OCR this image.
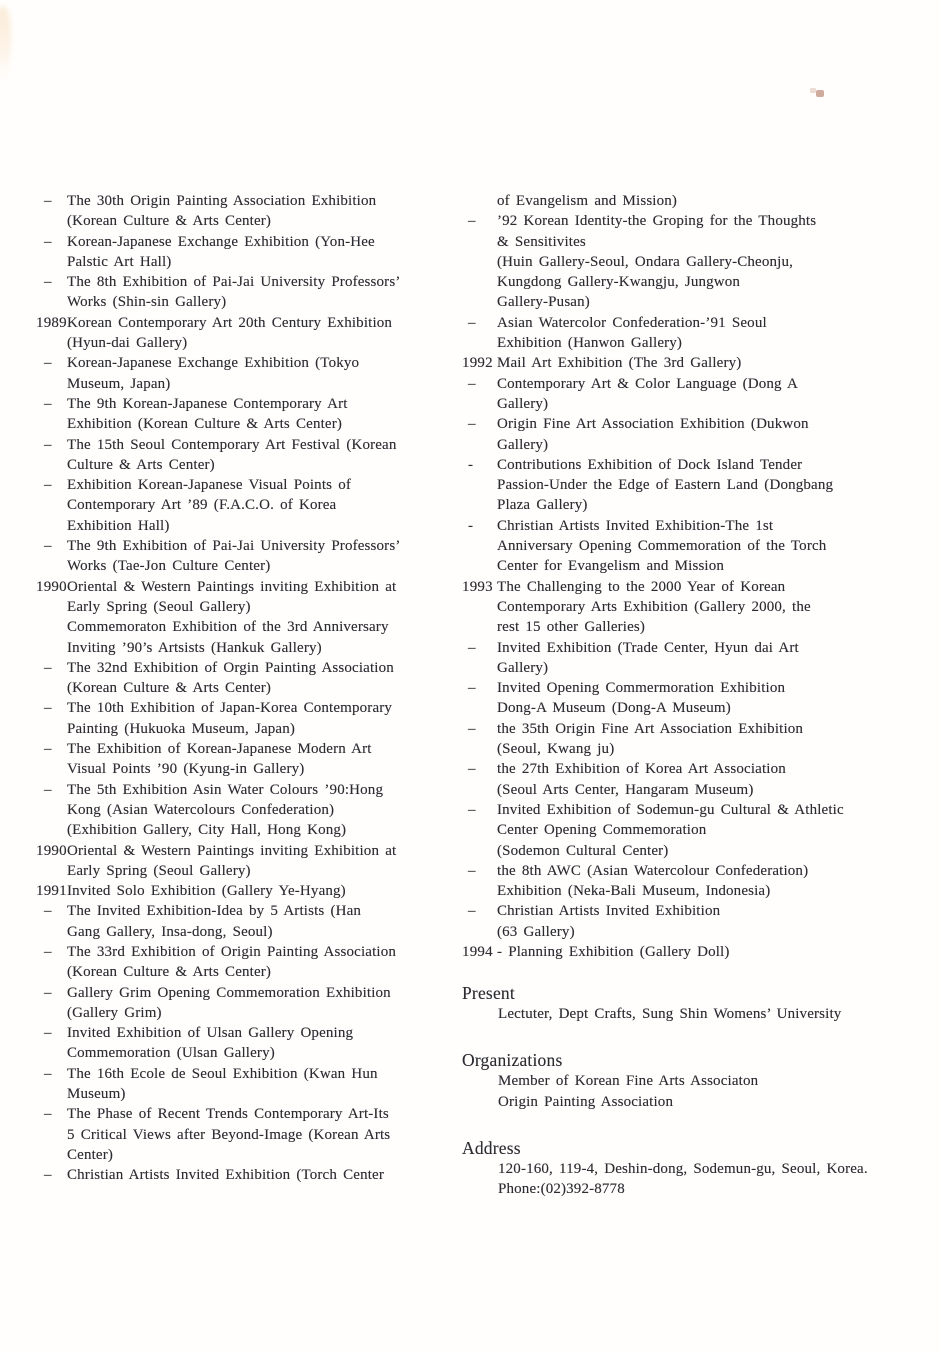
–	The 30th Origin Painting Association Exhibition
(Korean Culture & Arts Center)
–	Korean-Japanese Exchange Exhibition (Yon-Hee
Palstic Art Hall)
–	The 8th Exhibition of Pai-Jai University Professors’
Works (Shin-sin Gallery)
1989 Korean Contemporary Art 20th Century Exhibition
(Hyun-dai Gallery)
–	Korean-Japanese Exchange Exhibition (Tokyo
Museum, Japan)
–	The 9th Korean-Japanese Contemporary Art
Exhibition (Korean Culture & Arts Center)
–	The 15th Seoul Contemporary Art Festival (Korean
Culture & Arts Center)
–	Exhibition Korean-Japanese Visual Points of
Contemporary Art ’89 (F.A.C.O. of Korea
Exhibition Hall)
–	The 9th Exhibition of Pai-Jai University Professors’
Works (Tae-Jon Culture Center)
1990 Oriental & Western Paintings inviting Exhibition at
Early Spring (Seoul Gallery)
Commemoraton Exhibition of the 3rd Anniversary
Inviting ’90’s Artsists (Hankuk Gallery)
–	The 32nd Exhibition of Orgin Painting Association
(Korean Culture & Arts Center)
–	The 10th Exhibition of Japan-Korea Contemporary
Painting (Hukuoka Museum, Japan)
–	The Exhibition of Korean-Japanese Modern Art
Visual Points ’90 (Kyung-in Gallery)
–	The 5th Exhibition Asin Water Colours ’90:Hong
Kong (Asian Watercolours Confederation)
(Exhibition Gallery, City Hall, Hong Kong)
1990 Oriental & Western Paintings inviting Exhibition at
Early Spring (Seoul Gallery)
1991 Invited Solo Exhibition (Gallery Ye-Hyang)
–	The Invited Exhibition-Idea by 5 Artists (Han
Gang Gallery, Insa-dong, Seoul)
–	The 33rd Exhibition of Origin Painting Association
(Korean Culture & Arts Center)
–	Gallery Grim Opening Commemoration Exhibition
(Gallery Grim)
–	Invited Exhibition of Ulsan Gallery Opening
Commemoration (Ulsan Gallery)
–	The 16th Ecole de Seoul Exhibition (Kwan Hun
Museum)
–	The Phase of Recent Trends Contemporary Art-Its
5 Critical Views after Beyond-Image (Korean Arts
Center)
–	Christian Artists Invited Exhibition (Torch Center
of Evangelism and Mission)
–	’92 Korean Identity-the Groping for the Thoughts
& Sensitivites
(Huin Gallery-Seoul, Ondara Gallery-Cheonju,
Kungdong Gallery-Kwangju, Jungwon
Gallery-Pusan)
–	Asian Watercolor Confederation-’91 Seoul
Exhibition (Hanwon Gallery)
1992 Mail Art Exhibition (The 3rd Gallery)
–	Contemporary Art & Color Language (Dong A
Gallery)
–	Origin Fine Art Association Exhibition (Dukwon
Gallery)
-	Contributions Exhibition of Dock Island Tender
Passion-Under the Edge of Eastern Land (Dongbang
Plaza Gallery)
-	Christian Artists Invited Exhibition-The 1st
Anniversary Opening Commemoration of the Torch
Center for Evangelism and Mission
1993 The Challenging to the 2000 Year of Korean
Contemporary Arts Exhibition (Gallery 2000, the
rest 15 other Galleries)
–	Invited Exhibition (Trade Center, Hyun dai Art
Gallery)
–	Invited Opening Commermoration Exhibition
Dong-A Museum (Dong-A Museum)
–	the 35th Origin Fine Art Association Exhibition
(Seoul, Kwang ju)
–	the 27th Exhibition of Korea Art Association
(Seoul Arts Center, Hangaram Museum)
–	Invited Exhibition of Sodemun-gu Cultural & Athletic
Center Opening Commemoration
(Sodemon Cultural Center)
–	the 8th AWC (Asian Watercolour Confederation)
Exhibition (Neka-Bali Museum, Indonesia)
–	Christian Artists Invited Exhibition
(63 Gallery)
1994 - Planning Exhibition (Gallery Doll)
Present
Lectuter, Dept Crafts, Sung Shin Womens’ University
Organizations
Member of Korean Fine Arts Associaton
Origin Painting Association
Address
120-160, 119-4, Deshin-dong, Sodemun-gu, Seoul, Korea.
Phone:(02)392-8778
